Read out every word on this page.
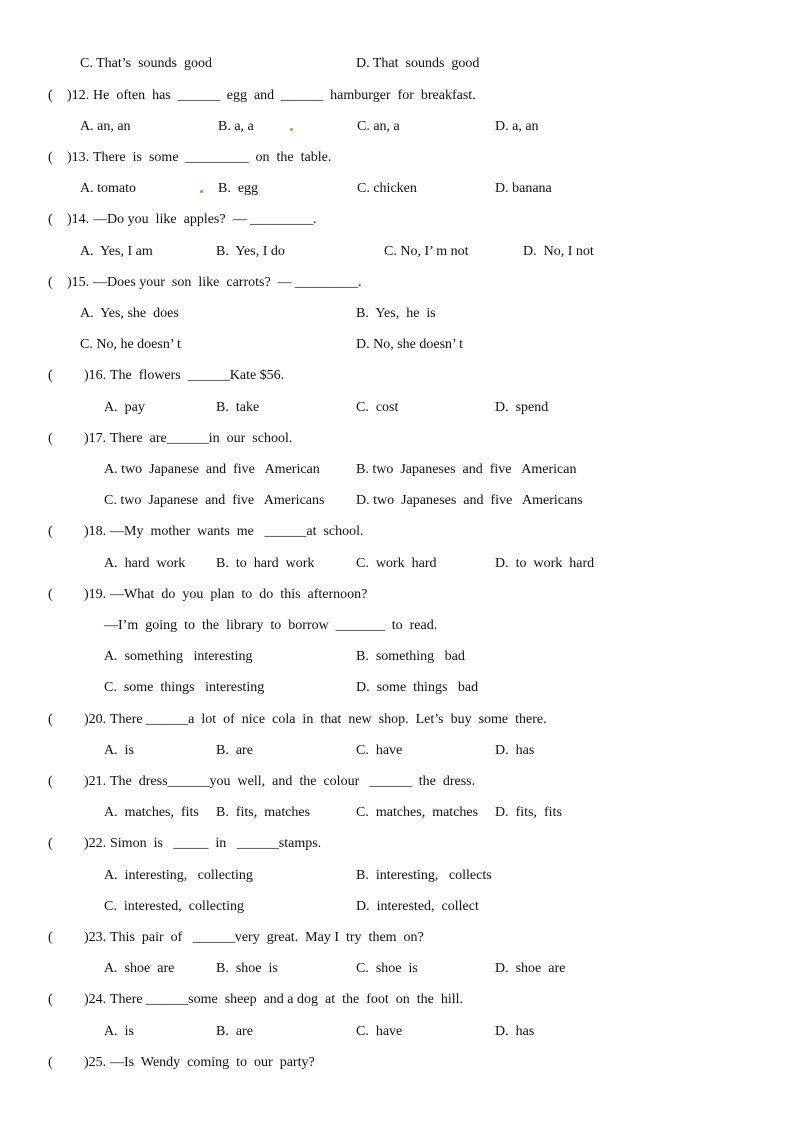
C. That’s  sounds  good	D. That  sounds  good
( )12. He  often  has  ______  egg  and  ______  hamburger  for  breakfast.
A. an, an	B. a, a	C. an, a	D. a, an
( )13. There  is  some  _________  on  the  table.
A. tomato	B.  egg	C. chicken	D. banana
( )14. —Do you  like  apples?  — _________.
A.  Yes, I am	B.  Yes, I do	C. No, I’ m not	D.  No, I not
( )15. —Does your  son  like  carrots?  — _________.
A.  Yes, she  does	B.  Yes,  he  is
C. No, he doesn’ t	D. No, she doesn’ t
( )16. The  flowers  ______Kate $56.
A.  pay	B.  take	C.  cost	D.  spend
( )17. There  are______in  our  school.
A. two  Japanese  and  five   American	B. two  Japaneses  and  five   American
C. two  Japanese  and  five   Americans D. two  Japaneses  and  five   Americans
( )18. —My  mother  wants  me   ______at  school.
A.  hard  work B.  to  hard  work	C.  work  hard	D.  to  work  hard
( )19. —What  do  you  plan  to  do  this  afternoon?
—I’m  going  to  the  library  to  borrow  _______  to  read.
A.  something   interesting	B.  something   bad
C.  some  things   interesting	D.  some  things   bad
( )20. There ______a  lot  of  nice  cola  in  that  new  shop.  Let’s  buy  some  there.
A.  is	B.  are	C.  have	D.  has
( )21. The  dress______you  well,  and  the  colour   ______  the  dress.
A.  matches,  fits B.  fits,  matches	C.  matches,  matches D.  fits,  fits
( )22. Simon  is   _____  in   ______stamps.
A.  interesting,   collecting	B.  interesting,   collects
C.  interested,  collecting	D.  interested,  collect
( )23. This  pair  of   ______very  great.  May I  try  them  on?
A.  shoe  are	B.  shoe  is	C.  shoe  is	D.  shoe  are
( )24. There ______some  sheep  and a dog  at  the  foot  on  the  hill.
A.  is	B.  are	C.  have	D.  has
( )25. —Is  Wendy  coming  to  our  party?
